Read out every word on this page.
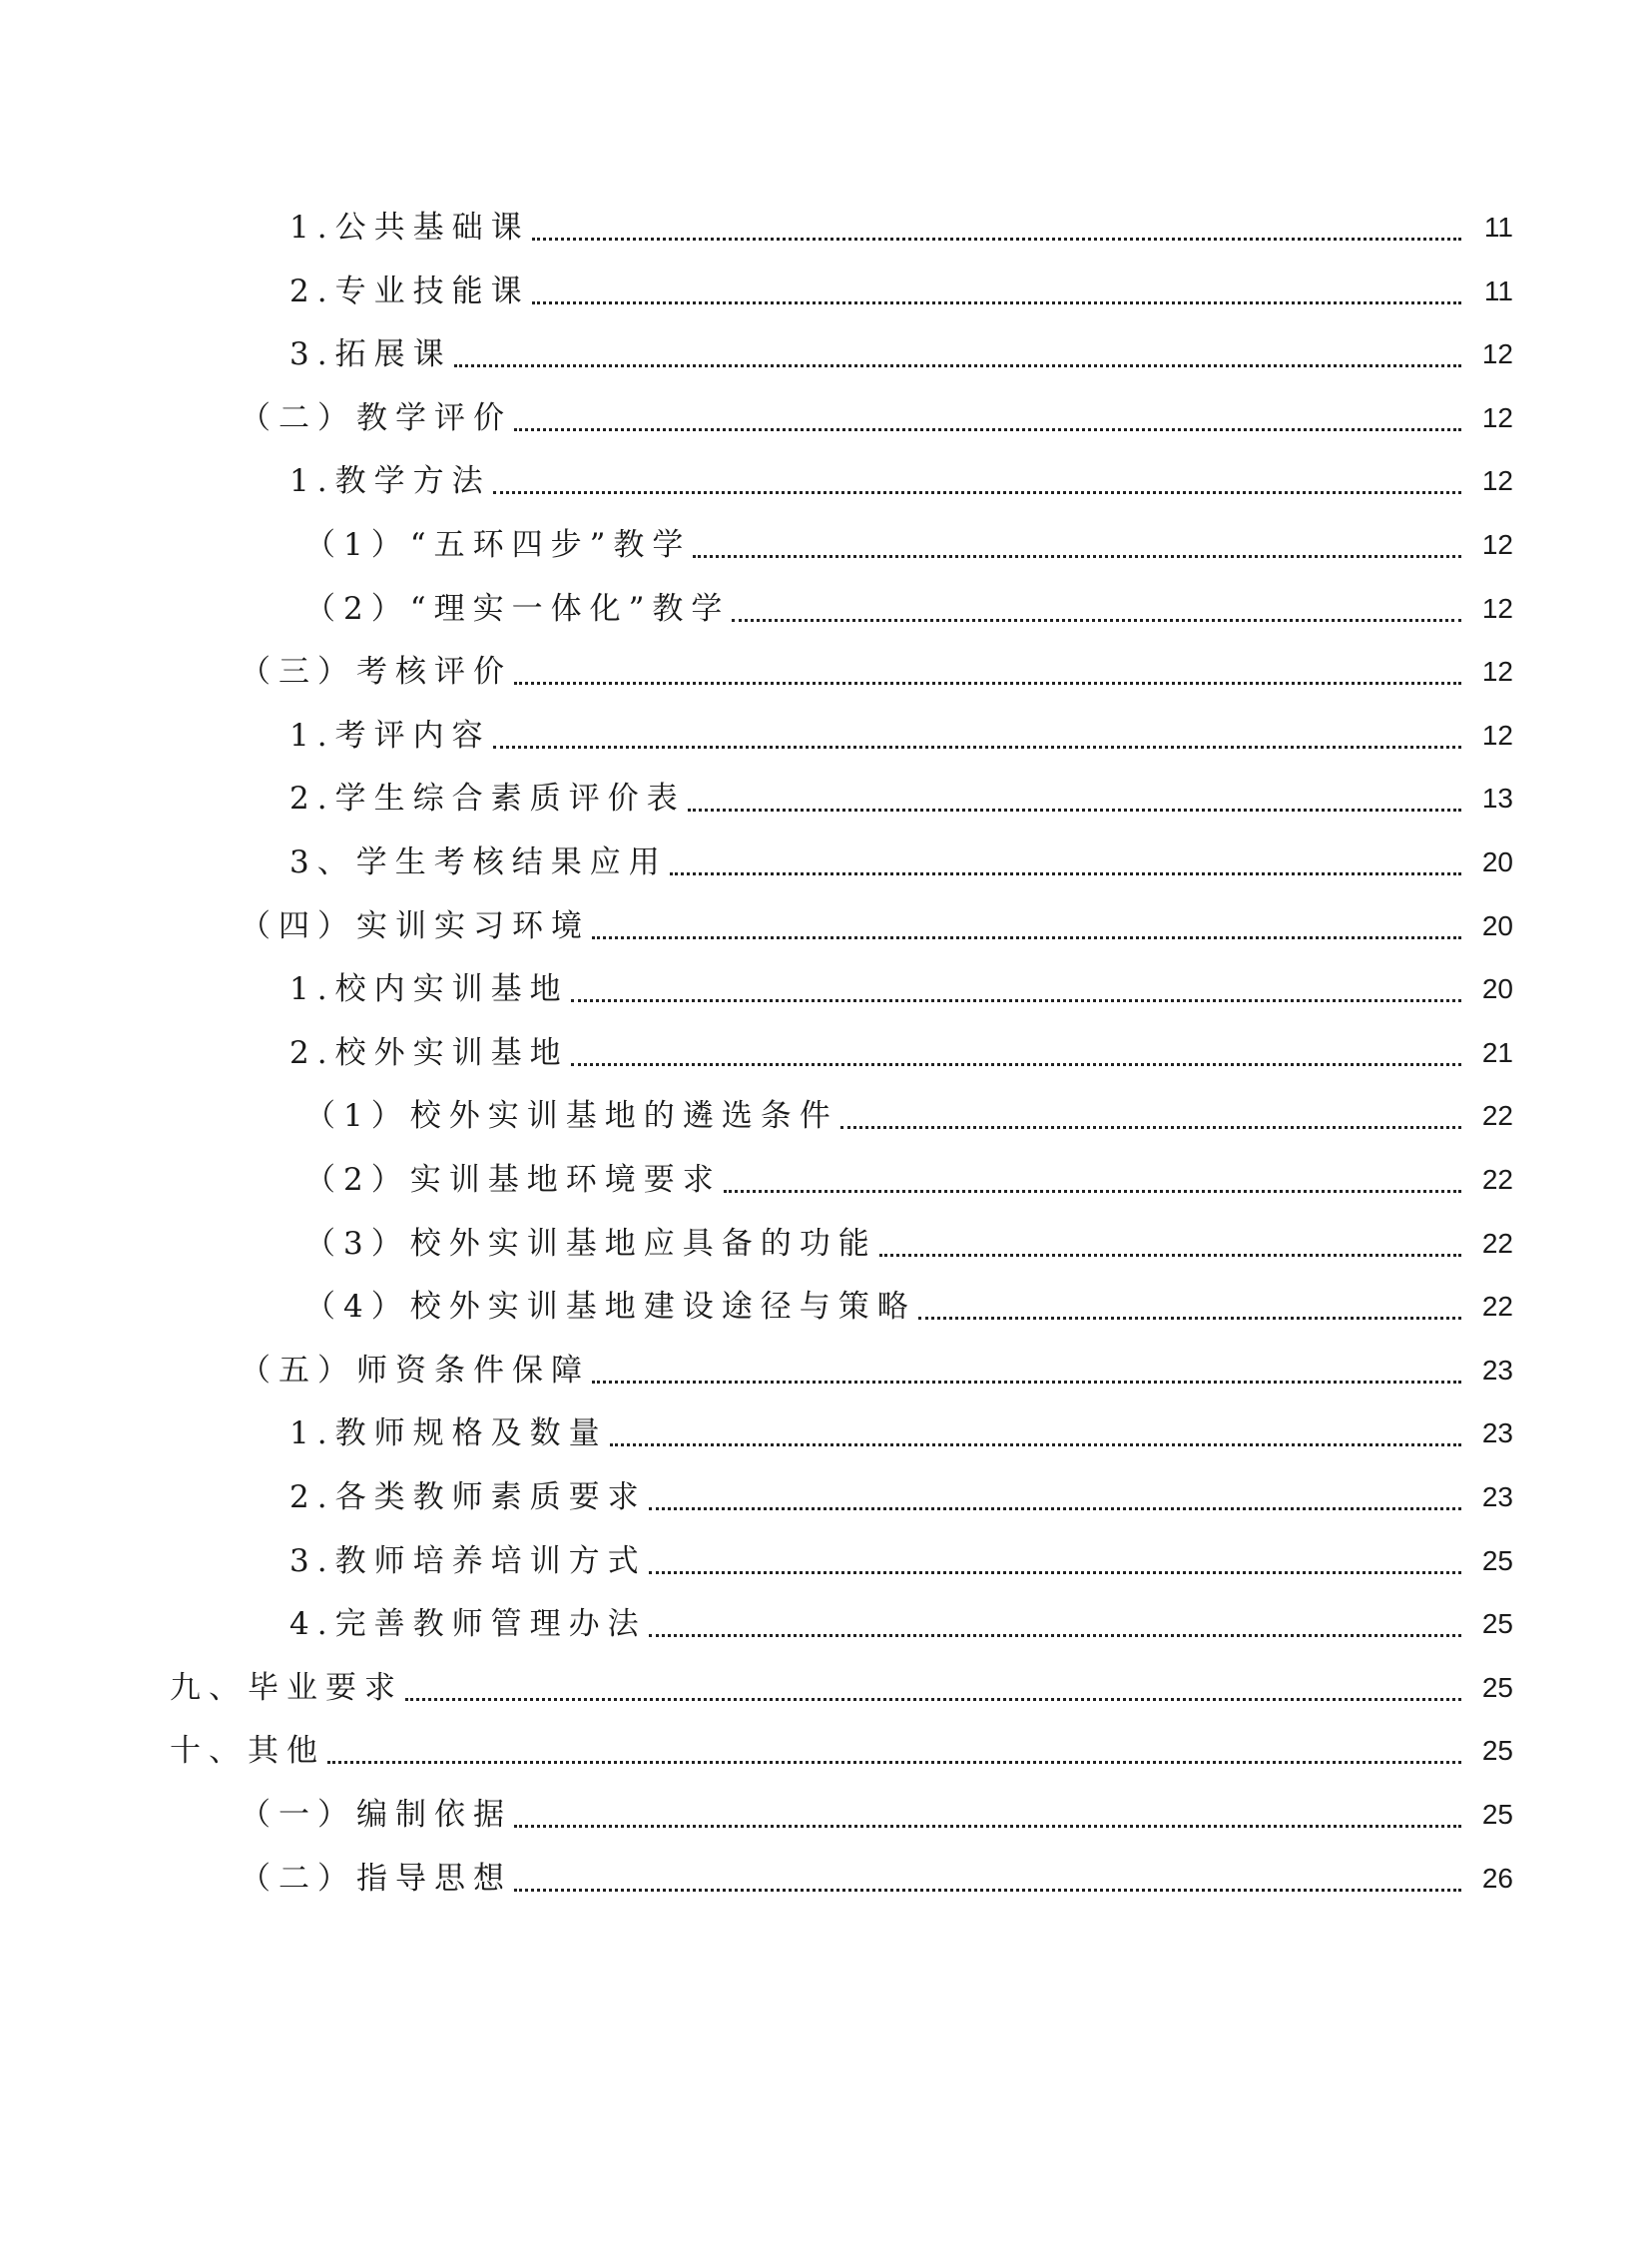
1.公共基础课	11
2.专业技能课	11
3.拓展课	12
（二）教学评价	12
1.教学方法	12
（1）“五环四步”教学	12
（2）“理实一体化”教学	12
（三）考核评价	12
1.考评内容	12
2.学生综合素质评价表	13
3、学生考核结果应用	20
（四）实训实习环境	20
1.校内实训基地	20
2.校外实训基地	21
（1）校外实训基地的遴选条件	22
（2）实训基地环境要求	22
（3）校外实训基地应具备的功能	22
（4）校外实训基地建设途径与策略	22
（五）师资条件保障	23
1.教师规格及数量	23
2.各类教师素质要求	23
3.教师培养培训方式	25
4.完善教师管理办法	25
九、毕业要求	25
十、其他	25
（一）编制依据	25
（二）指导思想	26
